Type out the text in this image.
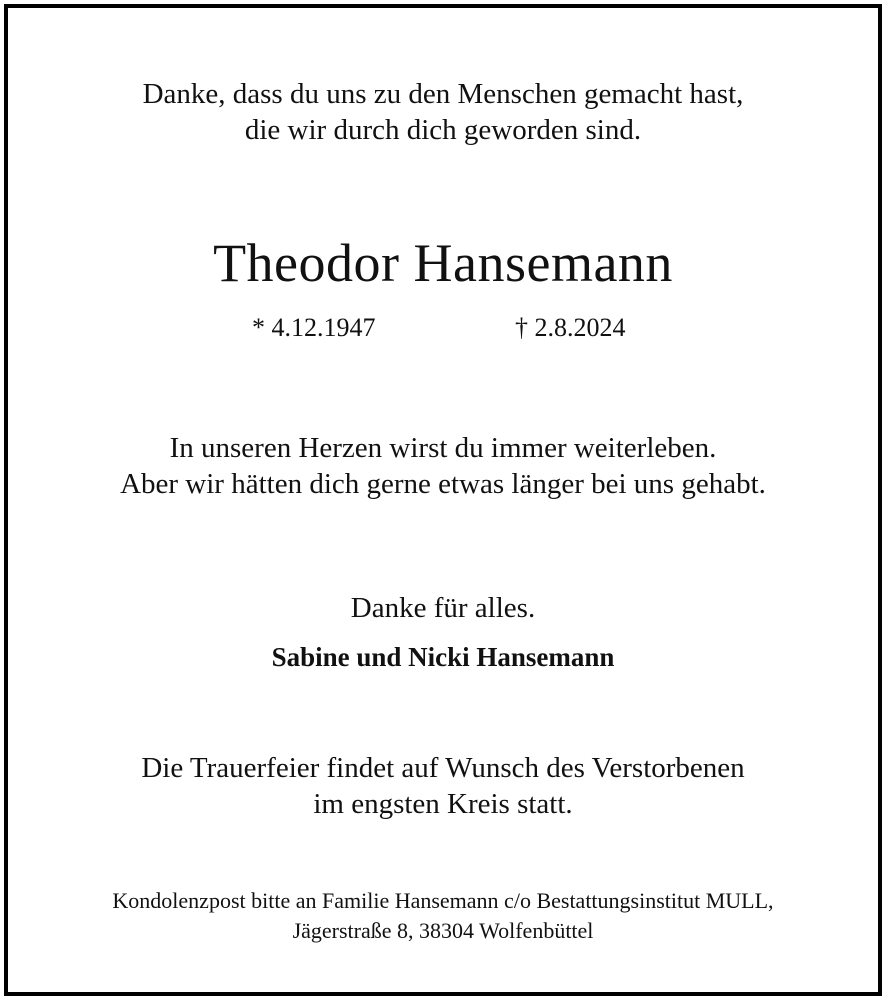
Danke, dass du uns zu den Menschen gemacht hast,
die wir durch dich geworden sind.
Theodor Hansemann
* 4.12.1947	† 2.8.2024
In unseren Herzen wirst du immer weiterleben.
Aber wir hätten dich gerne etwas länger bei uns gehabt.
Danke für alles.
Sabine und Nicki Hansemann
Die Trauerfeier findet auf Wunsch des Verstorbenen
im engsten Kreis statt.
Kondolenzpost bitte an Familie Hansemann c/o Bestattungsinstitut MULL,
Jägerstraße 8, 38304 Wolfenbüttel
